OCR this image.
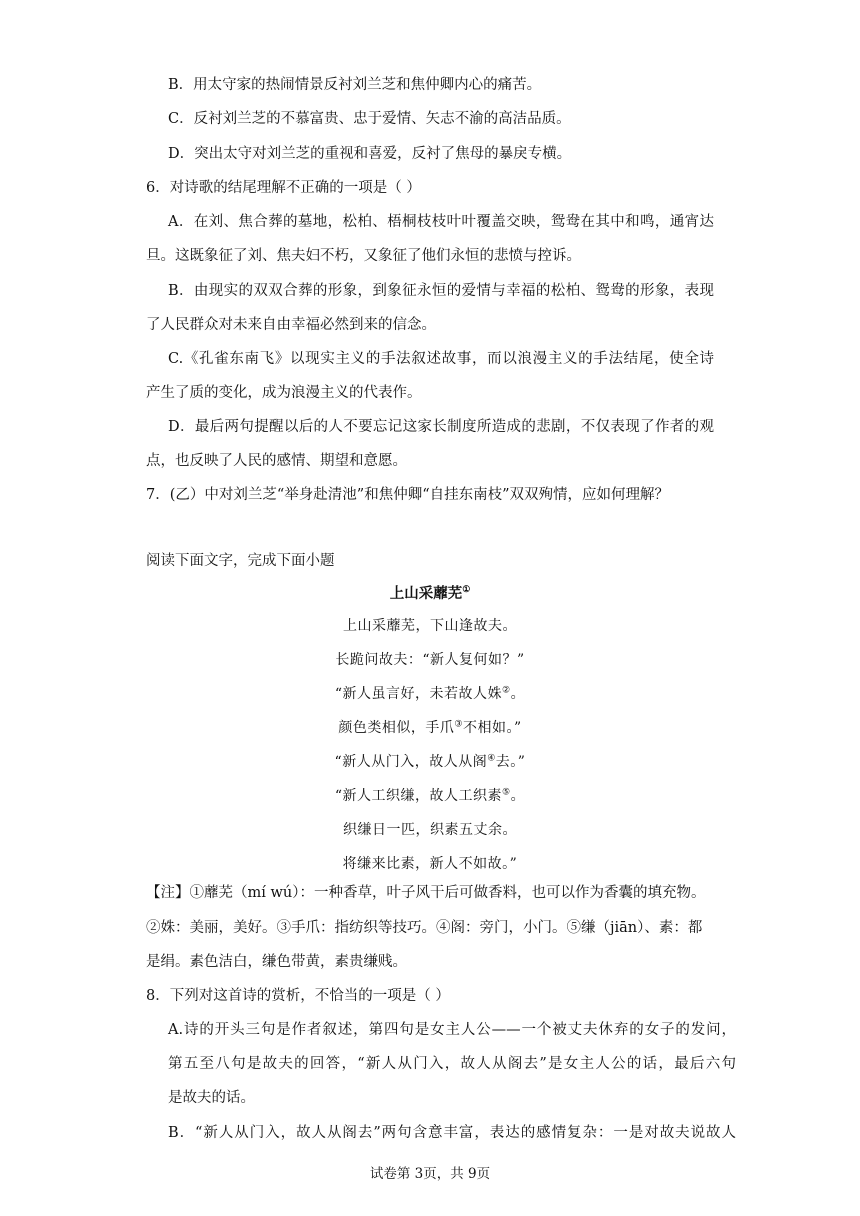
B．用太守家的热闹情景反衬刘兰芝和焦仲卿内心的痛苦。
C．反衬刘兰芝的不慕富贵、忠于爱情、矢志不渝的高洁品质。
D．突出太守对刘兰芝的重视和喜爱，反衬了焦母的暴戾专横。
6．对诗歌的结尾理解不正确的一项是（ ）
A．在刘、焦合葬的墓地，松柏、梧桐枝枝叶叶覆盖交映，鸳鸯在其中和鸣，通宵达
旦。这既象征了刘、焦夫妇不朽，又象征了他们永恒的悲愤与控诉。
B．由现实的双双合葬的形象，到象征永恒的爱情与幸福的松柏、鸳鸯的形象，表现
了人民群众对未来自由幸福必然到来的信念。
C.《孔雀东南飞》以现实主义的手法叙述故事，而以浪漫主义的手法结尾，使全诗
产生了质的变化，成为浪漫主义的代表作。
D．最后两句提醒以后的人不要忘记这家长制度所造成的悲剧，不仅表现了作者的观
点，也反映了人民的感情、期望和意愿。
7．(乙）中对刘兰芝“举身赴清池”和焦仲卿“自挂东南枝”双双殉情，应如何理解？
阅读下面文字，完成下面小题
上山采蘼芜①
上山采蘼芜，下山逢故夫。
长跪问故夫：“新人复何如？”
“新人虽言好，未若故人姝②。
颜色类相似，手爪③不相如。”
“新人从门入，故人从阁④去。”
“新人工织缣，故人工织素⑤。
织缣日一匹，织素五丈余。
将缣来比素，新人不如故。”
【注】①蘼芜（mí wú）：一种香草，叶子风干后可做香料，也可以作为香囊的填充物。
②姝：美丽，美好。③手爪：指纺织等技巧。④阁：旁门，小门。⑤缣（jiān）、素：都
是绢。素色洁白，缣色带黄，素贵缣贱。
8．下列对这首诗的赏析，不恰当的一项是（ ）
A.诗的开头三句是作者叙述，第四句是女主人公——一个被丈夫休弃的女子的发问，
第五至八句是故夫的回答，“新人从门入，故人从阁去”是女主人公的话，最后六句
是故夫的话。
B．“新人从门入，故人从阁去”两句含意丰富，表达的感情复杂：一是对故夫说故人
试卷第 3页，共 9页
